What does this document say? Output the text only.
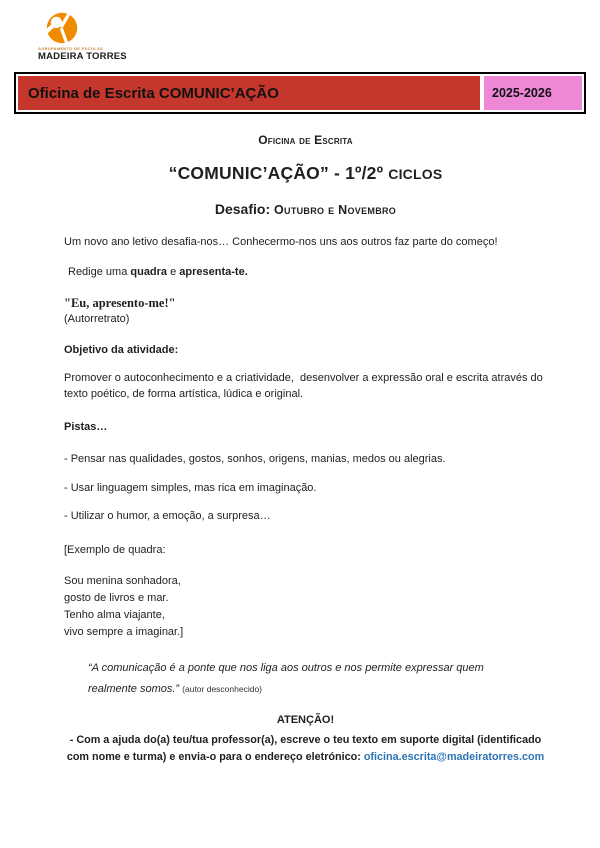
AGRUPAMENTO DE ESCOLAS
MADEIRA TORRES
Oficina de Escrita COMUNIC’AÇÃO	2025-2026
Oficina de Escrita
“COMUNIC’AÇÃO” - 1º/2º CICLOS
Desafio: Outubro e Novembro

Um novo ano letivo desafia-nos… Conhecermo-nos uns aos outros faz parte do começo!

Redige uma quadra e apresenta-te.

"Eu, apresento-me!"
(Autorretrato)
Objetivo da atividade:

Promover o autoconhecimento e a criatividade,  desenvolver a expressão oral e escrita através do texto poético, de forma artística, lúdica e original.

Pistas…

- Pensar nas qualidades, gostos, sonhos, origens, manias, medos ou alegrias.

- Usar linguagem simples, mas rica em imaginação.

- Utilizar o humor, a emoção, a surpresa…

[Exemplo de quadra:

Sou menina sonhadora,
gosto de livros e mar.
Tenho alma viajante,
vivo sempre a imaginar.]
“A comunicação é a ponte que nos liga aos outros e nos permite expressar quem
realmente somos.” (autor desconhecido)
ATENÇÃO!
- Com a ajuda do(a) teu/tua professor(a), escreve o teu texto em suporte digital (identificado com nome e turma) e envia-o para o endereço eletrónico: oficina.escrita@madeiratorres.com
